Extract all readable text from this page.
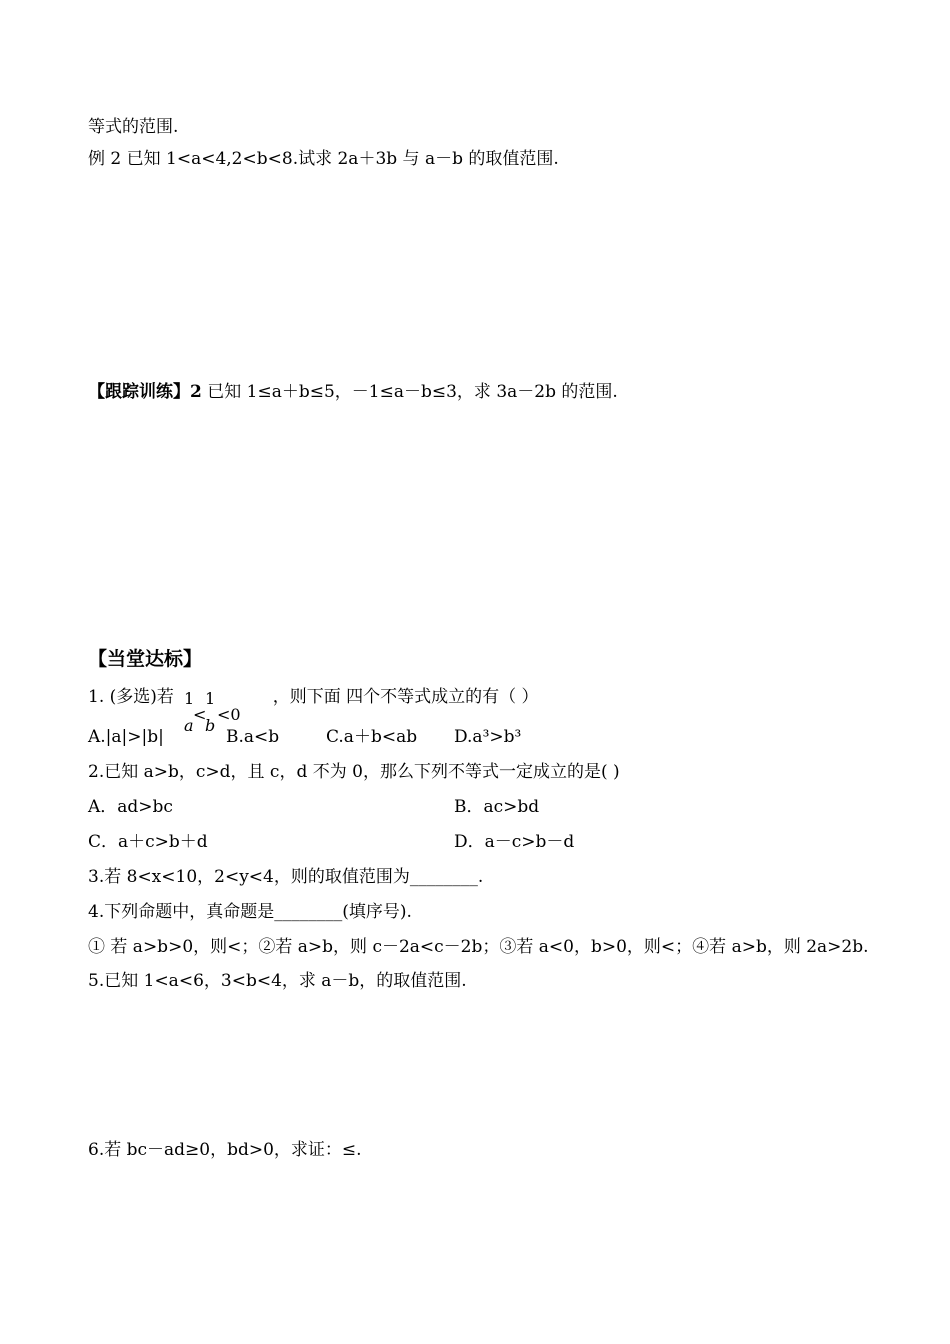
等式的范围.
例 2 已知 1<a<4,2<b<8.试求 2a＋3b 与 a－b 的取值范围.
【跟踪训练】2 已知 1≤a＋b≤5，－1≤a－b≤3，求 3a－2b 的范围.
【当堂达标】
1. (多选)若	，则下面 四个不等式成立的有（ ）
1 1
< <0
a b
A.|a|>|b|	B.a<b	C.a＋b<ab D.a³>b³
2.已知 a>b，c>d，且 c，d 不为 0，那么下列不等式一定成立的是( )
A．ad>bc	B．ac>bd
C．a＋c>b＋d	D．a－c>b－d
3.若 8<x<10，2<y<4，则的取值范围为________.
4.下列命题中，真命题是________(填序号).
① 若 a>b>0，则<；②若 a>b，则 c－2a<c－2b；③若 a<0，b>0，则<；④若 a>b，则 2a>2b.
5.已知 1<a<6，3<b<4，求 a－b，的取值范围.
6.若 bc－ad≥0，bd>0，求证：≤.
